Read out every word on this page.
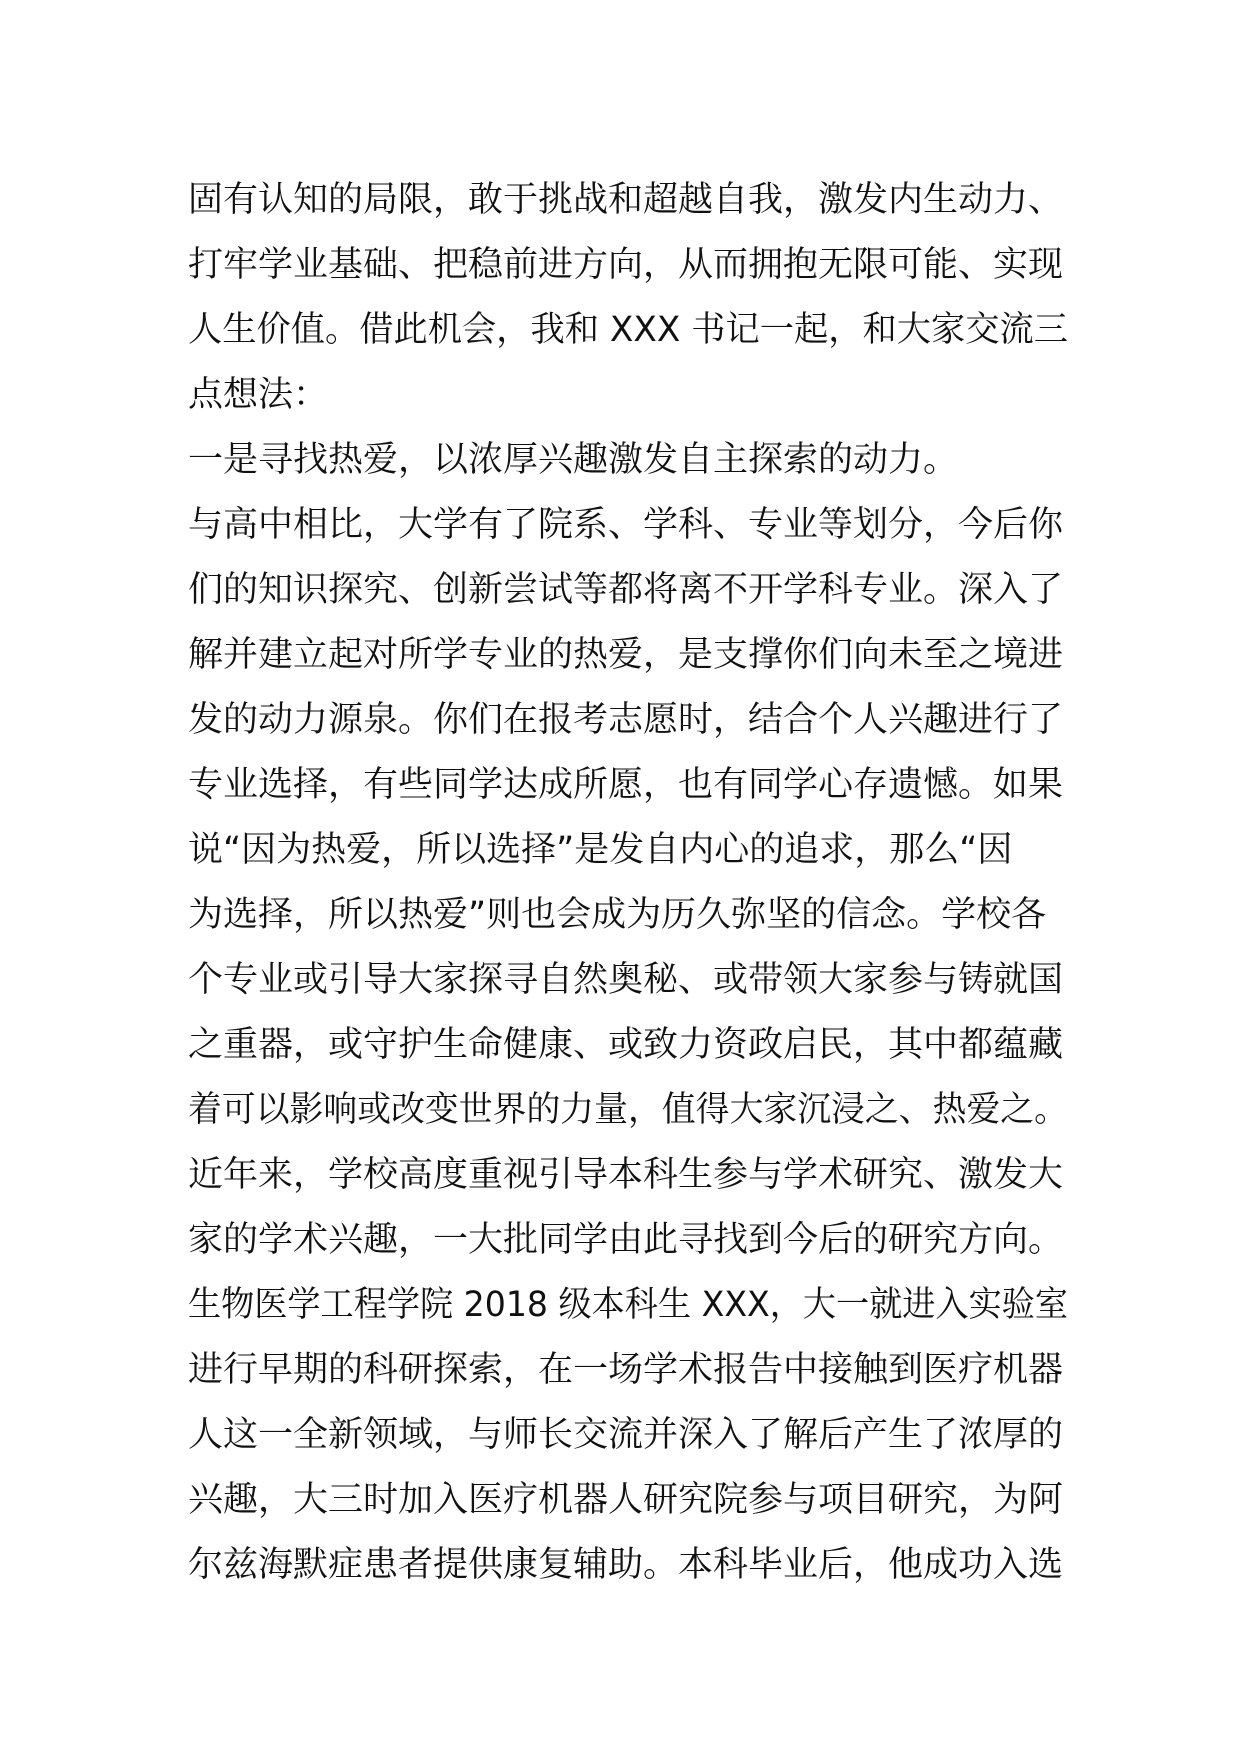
固有认知的局限，敢于挑战和超越自我，激发内生动力、
打牢学业基础、把稳前进方向，从而拥抱无限可能、实现
人生价值。借此机会，我和 XXX 书记一起，和大家交流三
点想法：
一是寻找热爱，以浓厚兴趣激发自主探索的动力。
与高中相比，大学有了院系、学科、专业等划分，今后你
们的知识探究、创新尝试等都将离不开学科专业。深入了
解并建立起对所学专业的热爱，是支撑你们向未至之境进
发的动力源泉。你们在报考志愿时，结合个人兴趣进行了
专业选择，有些同学达成所愿，也有同学心存遗憾。如果
说“因为热爱，所以选择”是发自内心的追求，那么“因
为选择，所以热爱”则也会成为历久弥坚的信念。学校各
个专业或引导大家探寻自然奥秘、或带领大家参与铸就国
之重器，或守护生命健康、或致力资政启民，其中都蕴藏
着可以影响或改变世界的力量，值得大家沉浸之、热爱之。
近年来，学校高度重视引导本科生参与学术研究、激发大
家的学术兴趣，一大批同学由此寻找到今后的研究方向。
生物医学工程学院 2018 级本科生 XXX，大一就进入实验室
进行早期的科研探索，在一场学术报告中接触到医疗机器
人这一全新领域，与师长交流并深入了解后产生了浓厚的
兴趣，大三时加入医疗机器人研究院参与项目研究，为阿
尔兹海默症患者提供康复辅助。本科毕业后，他成功入选
